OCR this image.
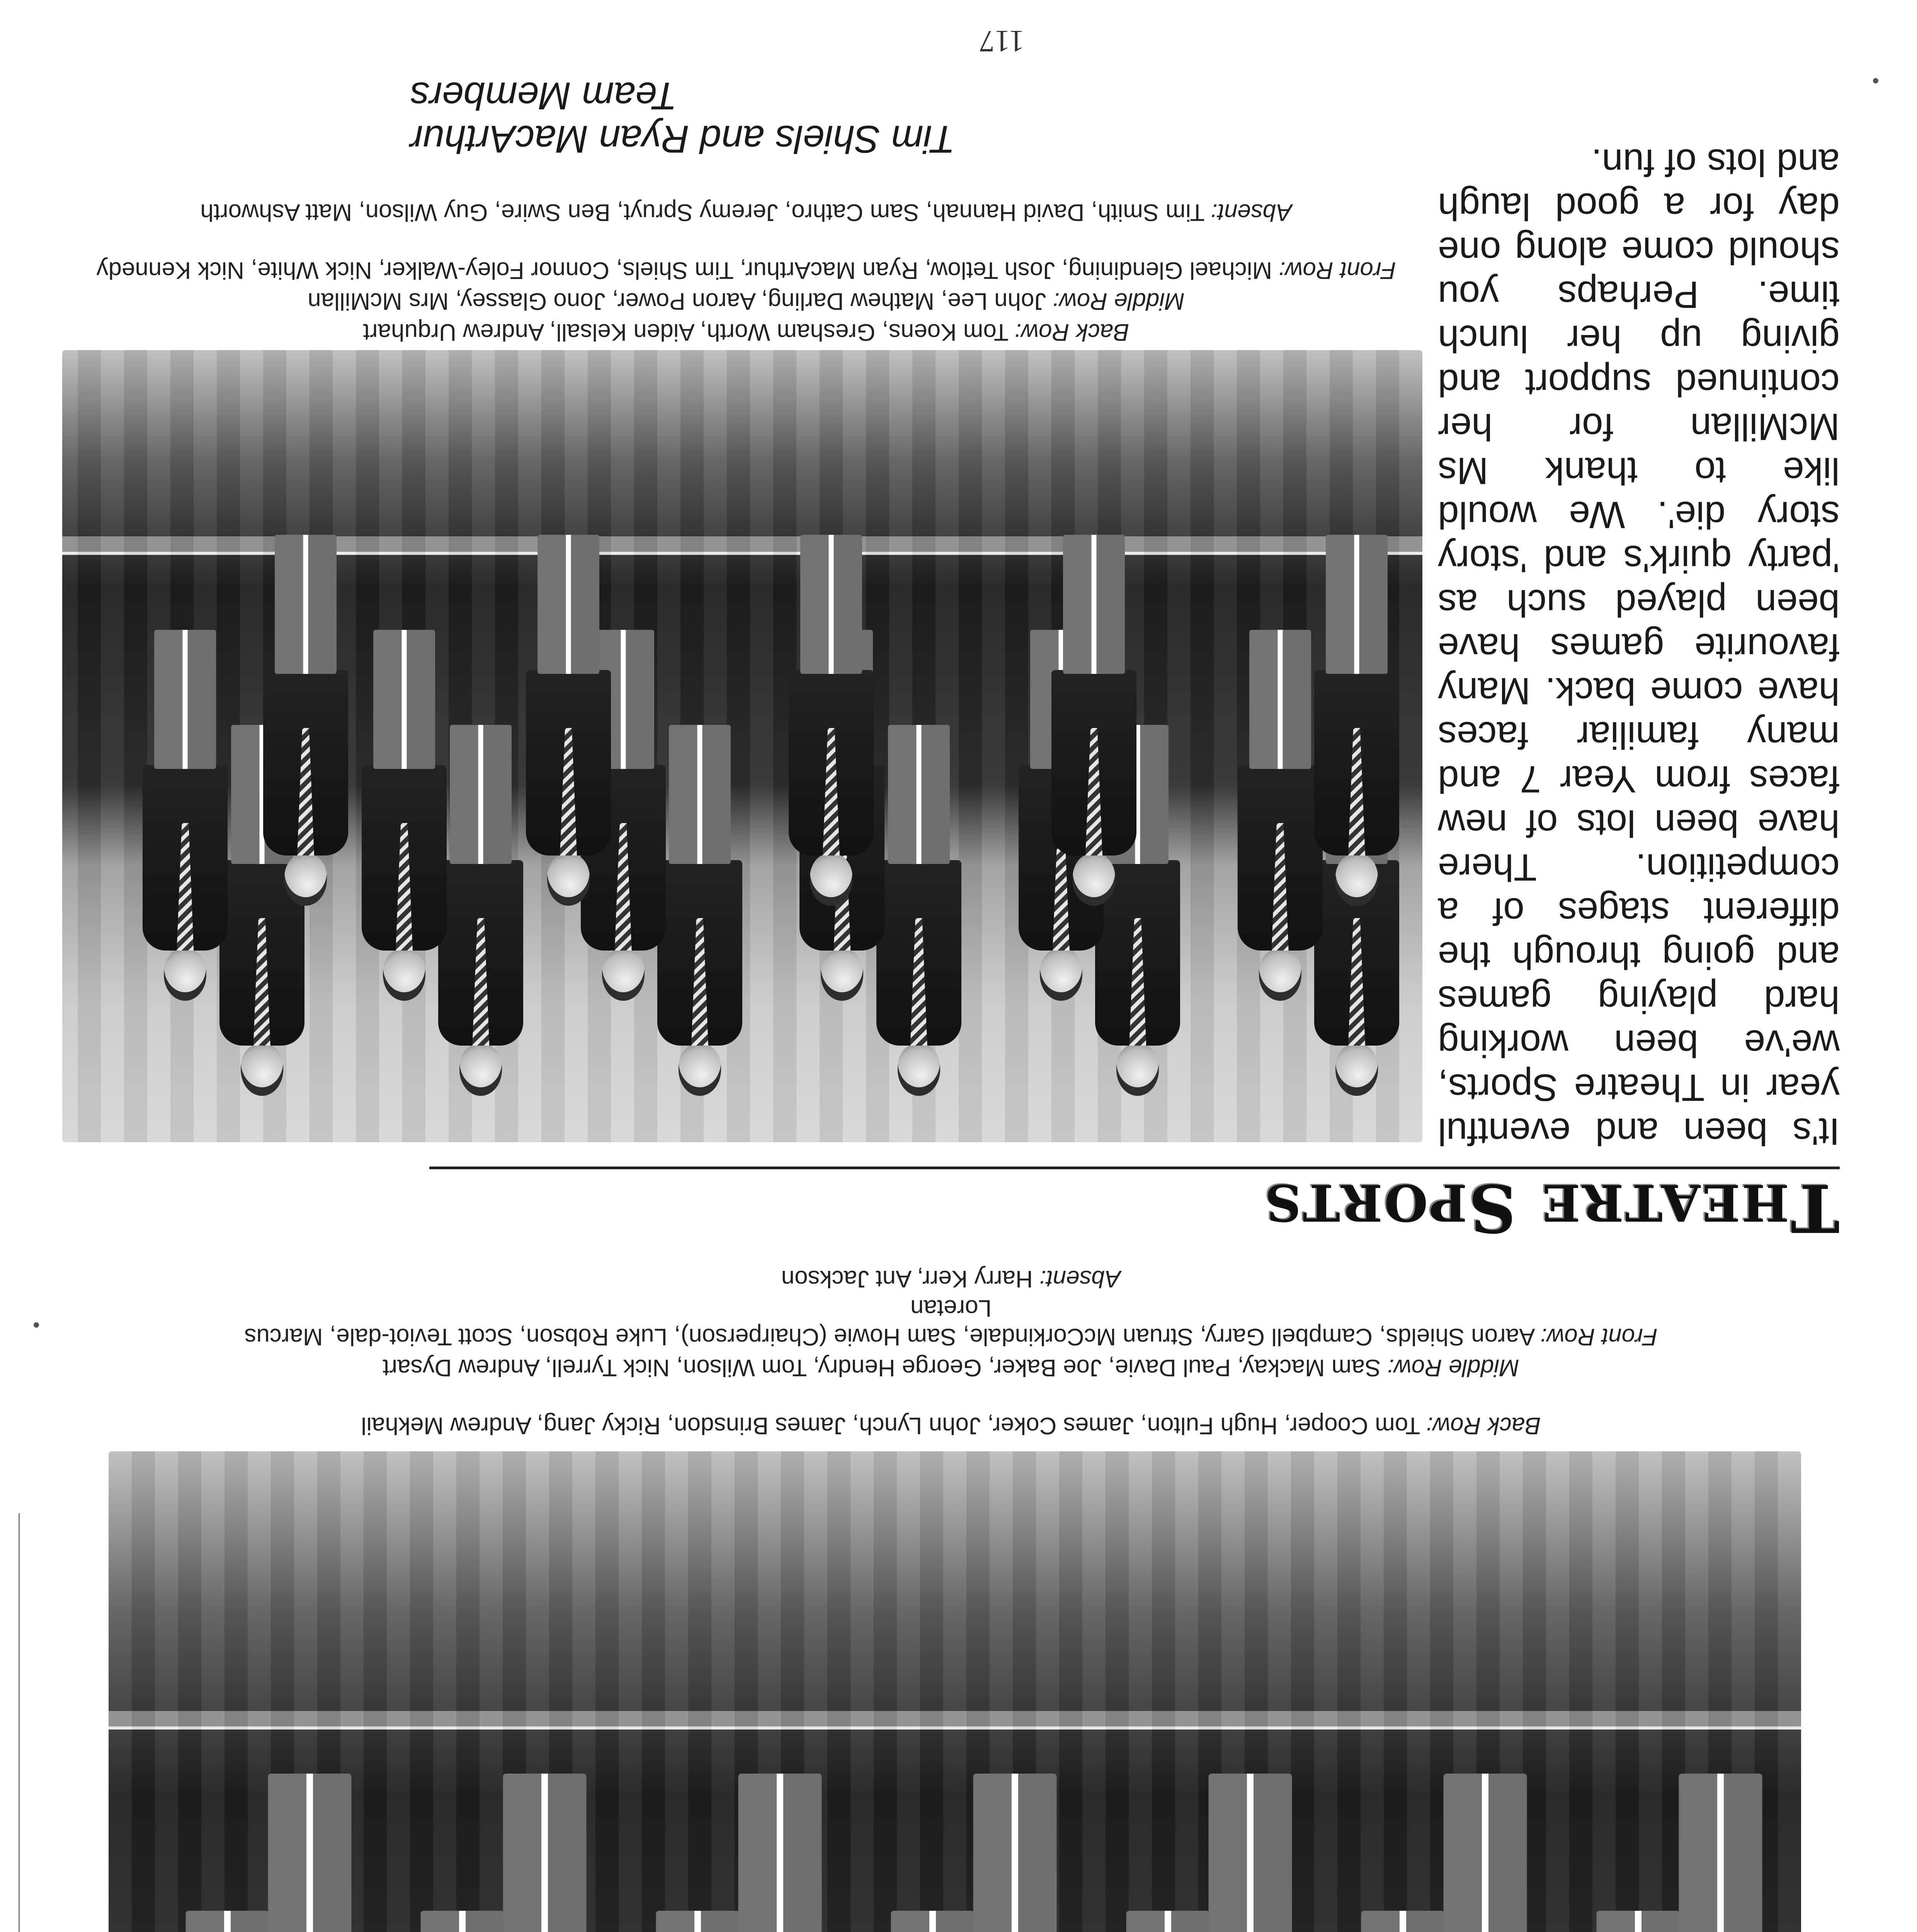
117
Back Row: Tom Cooper, Hugh Fulton, James Coker, John Lynch, James Brinsdon, Ricky Jang, Andrew Mekhail
Middle Row: Sam Mackay, Paul Davie, Joe Baker, George Hendry, Tom Wilson, Nick Tyrrell, Andrew Dysart
Front Row: Aaron Shields, Campbell Garry, Struan McCorkindale, Sam Howie (Chairperson), Luke Robson, Scott Teviot-dale, Marcus Loretan
Absent: Harry Kerr, Ant Jackson
THEATRE SPORTS
It's been and eventful year in Theatre Sports, we've been working hard playing games and going through the different stages of a competition. There have been lots of new faces from Year 7 and many familiar faces have come back. Many favourite games have been played such as 'party quirk's and 'story story die'. We would like to thank Ms McMillan for her continued support and giving up her lunch time. Perhaps you should come along one day for a good laugh and lots of fun.
Back Row: Tom Koens, Gresham Worth, Aiden Kelsall, Andrew Urquhart
Middle Row: John Lee, Mathew Darling, Aaron Power, Jono Glassey, Mrs McMillan
Front Row: Michael Glendining, Josh Tetlow, Ryan MacArthur, Tim Shiels, Connor Foley-Walker, Nick White, Nick Kennedy
Absent: Tim Smith, David Hannah, Sam Cathro, Jeremy Spruyt, Ben Swire, Guy Wilson, Matt Ashworth
Tim Shiels and Ryan MacArthur
Team Members
